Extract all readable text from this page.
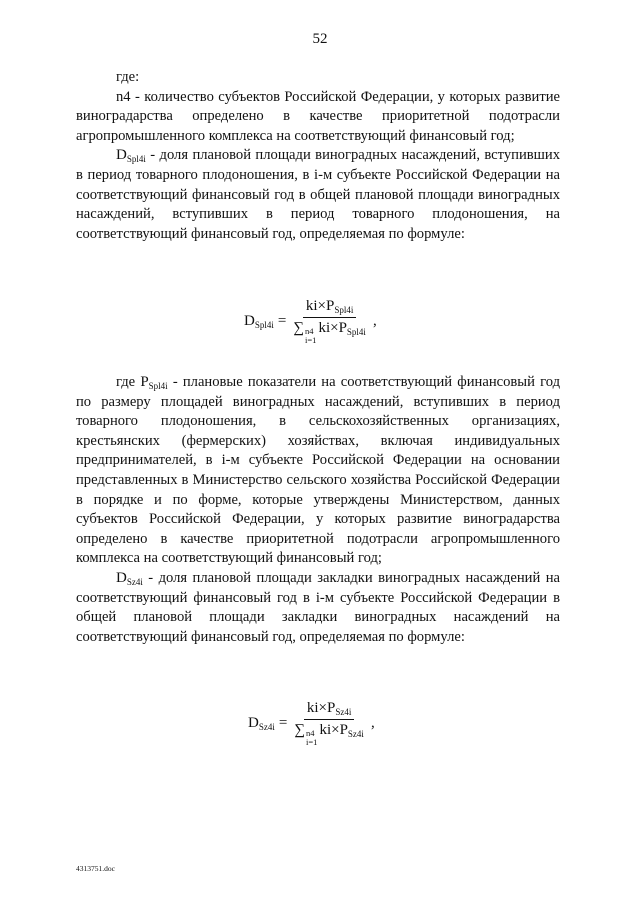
52

где:

n4 - количество субъектов Российской Федерации, у которых развитие виноградарства определено в качестве приоритетной подотрасли агропромышленного комплекса на соответствующий финансовый год;

$D_{Spl4i}$ - доля плановой площади виноградных насаждений, вступивших в период товарного плодоношения, в i-м субъекте Российской Федерации на соответствующий финансовый год в общей плановой площади виноградных насаждений, вступивших в период товарного плодоношения, на соответствующий финансовый год, определяемая по формуле:

$D_{Spl4i} = ki\times P_{Spl4i}$
∑ n4
i=1
$ki\times P_{Spl4i}$ ,

где $P_{Spl4i}$ - плановые показатели на соответствующий финансовый год по размеру площадей виноградных насаждений, вступивших в период товарного плодоношения, в сельскохозяйственных организациях, крестьянских (фермерских) хозяйствах, включая индивидуальных предпринимателей, в i-м субъекте Российской Федерации на основании представленных в Министерство сельского хозяйства Российской Федерации в порядке и по форме, которые утверждены Министерством, данных субъектов Российской Федерации, у которых развитие виноградарства определено в качестве приоритетной подотрасли агропромышленного комплекса на соответствующий финансовый год;

$D_{Sz4i}$ - доля плановой площади закладки виноградных насаждений на соответствующий финансовый год в i-м субъекте Российской Федерации в общей плановой площади закладки виноградных насаждений на соответствующий финансовый год, определяемая по формуле:

$D_{Sz4i} = ki\times P_{Sz4i}$
∑ n4
i=1
$ki\times P_{Sz4i}$ ,
4313751.doc
